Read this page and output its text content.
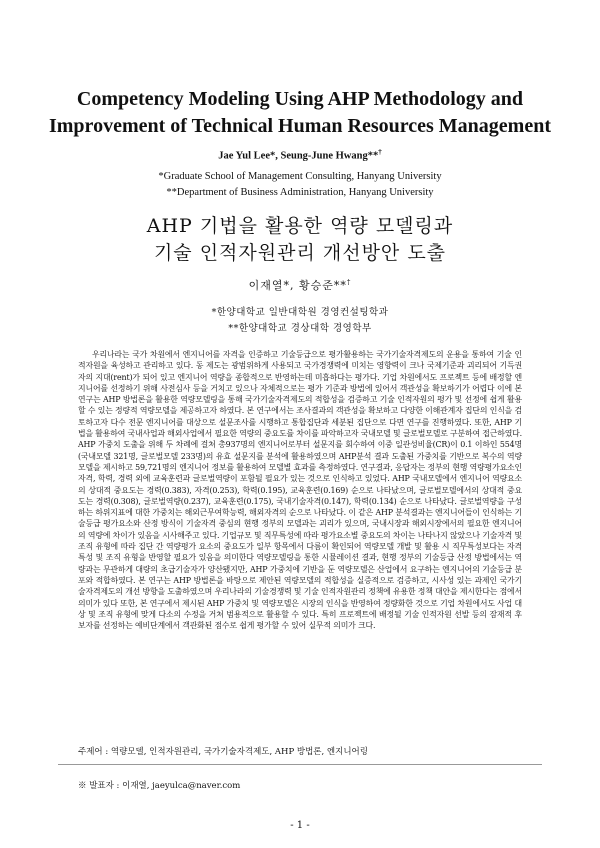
Competency Modeling Using AHP Methodology and
Improvement of Technical Human Resources Management
Jae Yul Lee*, Seung-June Hwang**†
*Graduate School of Management Consulting, Hanyang University
**Department of Business Administration, Hanyang University
AHP 기법을 활용한 역량 모델링과
기술 인적자원관리 개선방안 도출
이재열*, 황승준**†
*한양대학교 일반대학원 경영컨설팅학과
**한양대학교 경상대학 경영학부

우리나라는 국가 차원에서 엔지니어를 자격을 인증하고 기술등급으로 평가활용하는 국가기술자격제도의 운용을 통하여 기술 인적자원을 육성하고 관리하고 있다. 동 제도는 광범위하게 사용되고 국가경쟁력에 미치는 영향력이 크나 국제기준과 괴리되어 기득권자의 지대(rent)가 되어 있고 엔지니어 역량을 종합적으로 반영하는데 미흡하다는 평가다. 기업 차원에서도 프로젝트 등에 배정할 엔지니어를 선정하기 위해 사전심사 등을 거치고 있으나 자체적으로는 평가 기준과 방법에 있어서 객관성을 확보하기가 어렵다 이에 본 연구는 AHP 방법론을 활용한 역량모델링을 통해 국가기술자격제도의 적합성을 검증하고 기술 인적자원의 평가 및 선정에 쉽게 활용할 수 있는 정량적 역량모델을 제공하고자 하였다. 본 연구에서는 조사결과의 객관성을 확보하고 다양한 이해관계자 집단의 인식을 검토하고자 다수 전문 엔지니어를 대상으로 설문조사를 시행하고 통합집단과 세분된 집단으로 다면 연구를 진행하였다. 또한, AHP 기법을 활용하여 국내사업과 해외사업에서 필요한 역량의 중요도를 차이를 파악하고자 국내모델 및 글로벌모델로 구분하여 접근하였다. AHP 가중치 도출을 위해 두 차례에 걸쳐 총937명의 엔지니어로부터 설문지를 회수하여 이중 일관성비율(CR)이 0.1 이하인 554명(국내모델 321명, 글로벌모델 233명)의 유효 설문지를 분석에 활용하였으며 AHP분석 결과 도출된 가중치를 기반으로 복수의 역량모델을 제시하고 59,721명의 엔지니어 정보를 활용하여 모델별 효과를 측정하였다. 연구결과, 응답자는 정부의 현행 역량평가요소인 자격, 학력, 경력 외에 교육훈련과 글로벌역량이 포함될 필요가 있는 것으로 인식하고 있었다. AHP 국내모델에서 엔지니어 역량요소의 상대적 중요도는 경력(0.383), 자격(0.253), 학력(0.195), 교육훈련(0.169) 순으로 나타났으며, 글로벌모델에서의 상대적 중요도는 경력(0.308), 글로벌역량(0.237), 교육훈련(0.175), 국내기술자격(0.147), 학력(0.134) 순으로 나타났다. 글로벌역량을 구성하는 하위지표에 대한 가중치는 해외근무여학능력, 해외자격의 순으로 나타났다. 이 같은 AHP 분석결과는 엔지니어들이 인식하는 기술등급 평가요소와 산정 방식이 기술자격 중심의 현행 정부의 모델과는 괴리가 있으며, 국내시장과 해외시장에서의 필요한 엔지니어의 역량에 차이가 있음을 시사해주고 있다. 기업규모 및 직무특성에 따라 평가요소별 중요도의 차이는 나타나지 않았으나 기술자격 및 조직 유형에 따라 집단 간 역량평가 요소의 중요도가 일부 항목에서 다름이 확인되어 역량모델 개발 및 활용 시 직무특성보다는 자격 특성 및 조직 유형을 반영할 필요가 있음을 의미한다 역량모델링을 통한 시뮬레이션 결과, 현행 정부의 기술등급 산정 방법에서는 역량과는 무관하게 대량의 초급기술자가 양산됐지만, AHP 가중치에 기반을 둔 역량모델은 산업에서 요구하는 엔지니어의 기술등급 분포와 적합하였다. 본 연구는 AHP 방법론을 바탕으로 제안된 역량모델의 적합성을 실증적으로 검증하고, 시사성 있는 과제인 국가기술자격제도의 개선 방향을 도출하였으며 우리나라의 기술경쟁력 및 기술 인적자원관리 정책에 유용한 정책 대안을 제시한다는 점에서 의미가 있다 또한, 본 연구에서 제시된 AHP 가중치 및 역량모델은 시장의 인식을 반영하여 정량화한 것으로 기업 차원에서도 사업 대상 및 조직 유형에 맞게 다소의 수정을 거쳐 범용적으로 활용할 수 있다. 특히 프로젝트에 배정될 기술 인적자원 선발 등의 잠재적 후보자를 선정하는 예비단계에서 객관화된 점수로 쉽게 평가할 수 있어 실무적 의미가 크다.

주제어 : 역량모델, 인적자원관리, 국가기술자격제도, AHP 방법론, 엔지니어링
※ 발표자 : 이재열, jaeyulca@naver.com
- 1 -
